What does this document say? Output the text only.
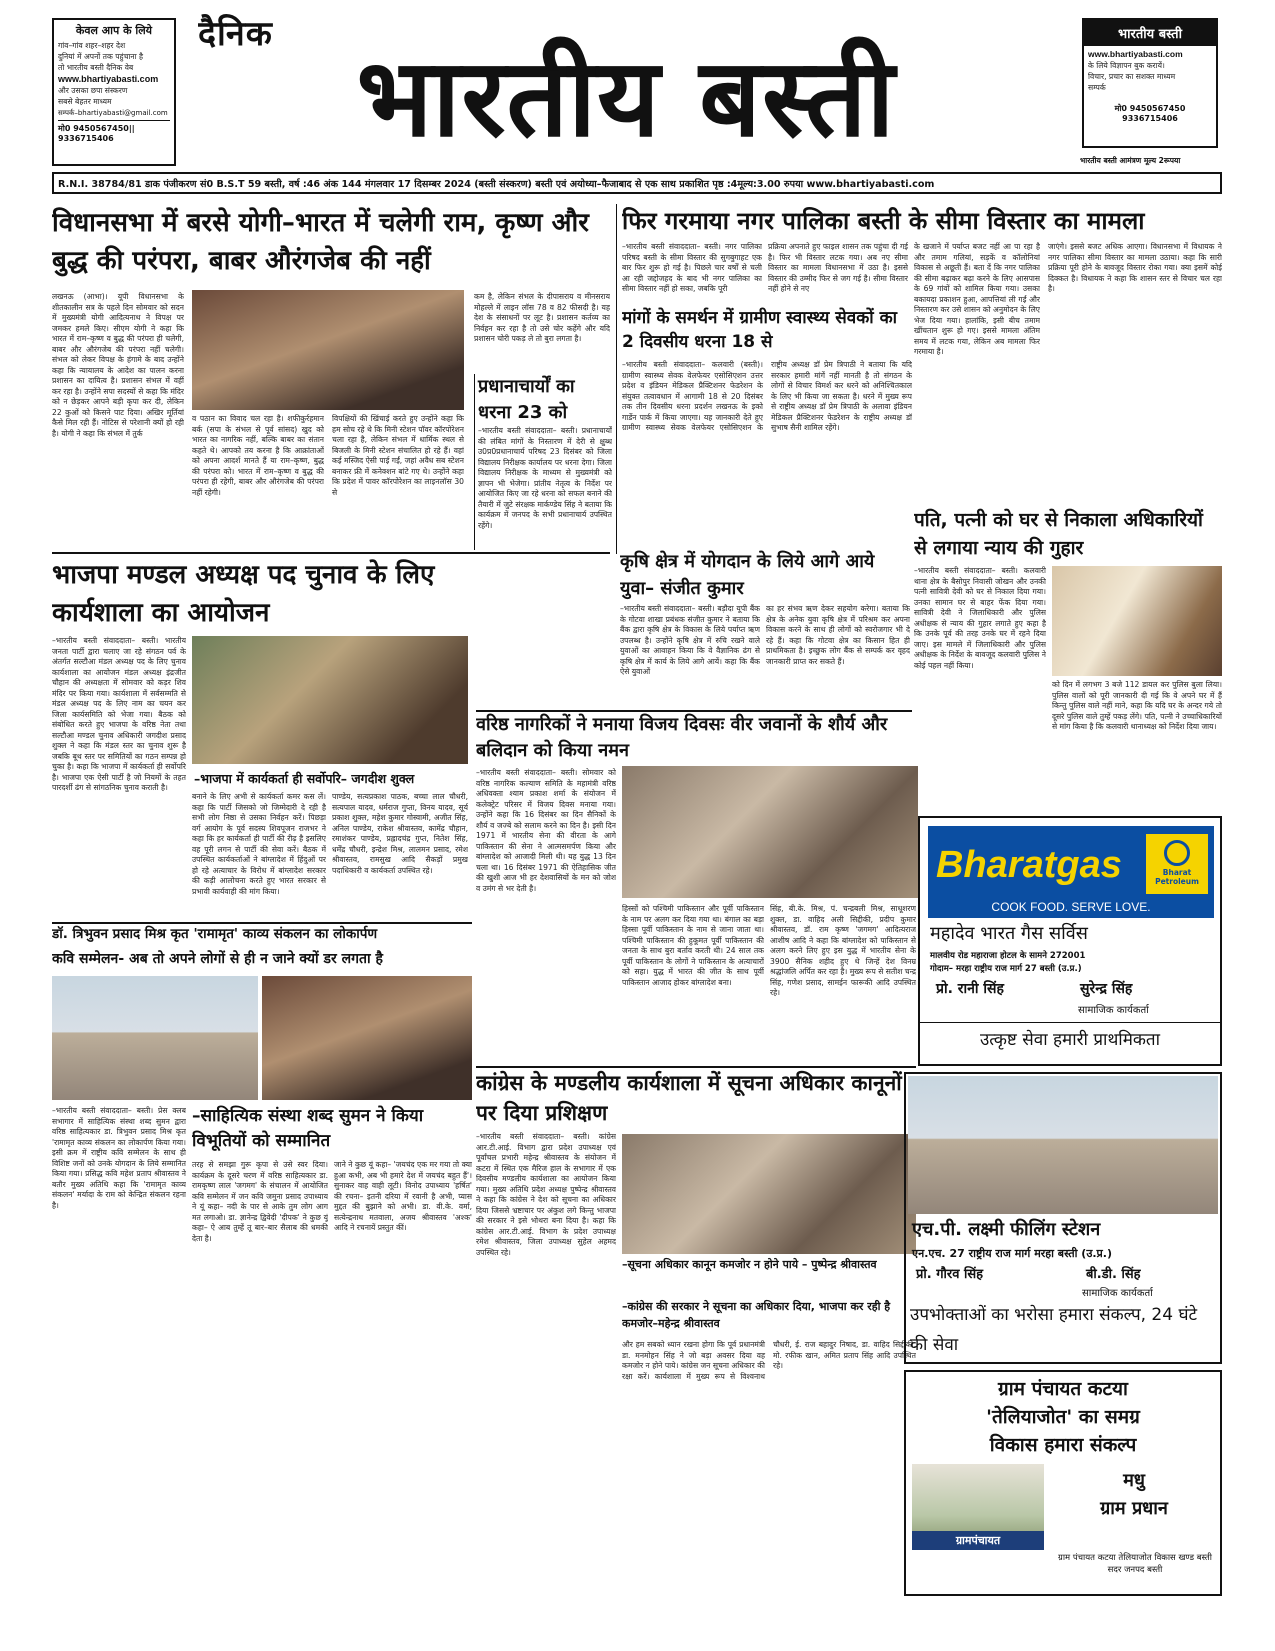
केवल आप के लिये
गांव–गांव शहर–शहर देश
दुनियां में अपनों तक पहुंचाना है
तो भारतीय बस्ती दैनिक वेब
www.bhartiyabasti.com
और उसका छपा संस्करण
सबसे बेहतर माध्यम
सम्पर्क–bhartiyabasti@gmail.com
मो0 9450567450|| 9336715406
दैनिक
भारतीय बस्ती
भारतीय बस्ती
www.bhartiyabasti.com
के लिये विज्ञापन बुक करायें।
विचार, प्रचार का सशक्त माध्यम
सम्पर्क
मो0 9450567450
9336715406
भारतीय बस्ती आमंत्रण मूल्य 2रूपया
R.N.I. 38784/81 डाक पंजीकरण सं0 B.S.T 59 बस्ती, वर्ष :46 अंक 144 मंगलवार 17 दिसम्बर 2024 (बस्ती संस्करण) बस्ती एवं अयोध्या–फैजाबाद से एक साथ प्रकाशित पृष्ठ :4मूल्य:3.00 रुपया www.bhartiyabasti.com
विधानसभा में बरसे योगी–भारत में चलेगी राम, कृष्ण और बुद्ध की परंपरा, बाबर औरंगजेब की नहीं
लखनऊ (आभा)। यूपी विधानसभा के शीतकालीन सत्र के पहले दिन सोमवार को सदन में मुख्यमंत्री योगी आदित्यनाथ ने विपक्ष पर जमकर हमले किए। सीएम योगी ने कहा कि भारत में राम–कृष्ण व बुद्ध की परंपरा ही चलेगी, बाबर और औरंगजेब की परंपरा नहीं चलेगी। संभल को लेकर विपक्ष के हंगामे के बाद उन्होंने कहा कि न्यायालय के आदेश का पालन करना प्रशासन का दायित्व है। प्रशासन संभल में वहीं कर रहा है। उन्होंने सपा सदस्यों से कहा कि मंदिर को न छेड़कर आपने बड़ी कृपा कर दी, लेकिन 22 कुओं को किसने पाट दिया। अखिर मूर्तियां कैसे मिल रही हैं। नोटिस से परेशानी क्यों हो रही है। योगी ने कहा कि संभल में तुर्क
व पठान का विवाद चल रहा है। शफीकुर्रहमान बर्क (सपा के संभल से पूर्व सांसद) खुद को भारत का नागरिक नहीं, बल्कि बाबर का संतान कहते थे। आपको तय करना है कि आक्रांताओं को अपना आदर्श मानते हैं या राम–कृष्ण, बुद्ध की परंपरा को। भारत में राम–कृष्ण व बुद्ध की परंपरा ही रहेगी, बाबर और औरंगजेब की परंपरा नहीं रहेगी।
विपक्षियों की खिंचाई करते हुए उन्होंने कहा कि हम सोच रहे थे कि मिनी स्टेशन पॉवर कॉरपोरेशन चला रहा है, लेकिन संभल में धार्मिक स्थल से बिजली के मिनी स्टेशन संचालित हो रहे हैं। वहां कई मस्जिद ऐसी पाई गईं, जहां अवैध सब स्टेशन बनाकर फ्री में कनेक्शन बांटे गए थे। उन्होंने कहा कि प्रदेश में पावर कॉरपोरेशन का लाइनलॉस 30 से
कम है, लेकिन संभल के दीपासराय व मीनसराय मोहल्ले में लाइन लॉस 78 व 82 फीसदी है। यह देश के संसाधनों पर लूट है। प्रशासन कर्तव्य का निर्वहन कर रहा है तो उसे चोर कहेंगे और यदि प्रशासन चोरी पकड़ ले तो बुरा लगता है।
फिर गरमाया नगर पालिका बस्ती के सीमा विस्तार का मामला
–भारतीय बस्ती संवाददाता– बस्ती। नगर पालिका परिषद बस्ती के सीमा विस्तार की सुगबुगाहट एक बार फिर शुरू हो गई है। पिछले चार वर्षों से चली आ रही जद्दोजहद के बाद भी नगर पालिका का सीमा विस्तार नहीं हो सका, जबकि पूरी
प्रक्रिया अपनाते हुए फाइल शासन तक पहुंचा दी गई है। फिर भी विस्तार लटक गया। अब नए सीमा विस्तार का मामला विधानसभा में उठा है। इससे विस्तार की उम्मीद फिर से जग गई है। सीमा विस्तार नहीं होने से नए
के खजाने में पर्याप्त बजट नहीं आ पा रहा है और तमाम गलियां, सड़कें व कॉलोनियां विकास से अछूती हैं। बता दें कि नगर पालिका की सीमा बढ़ाकर बढ़ा करने के लिए आसपास के 69 गांवों को शामिल किया गया। उसका बकायदा प्रकाशन हुआ, आपत्तियां ली गईं और निस्तारण कर उसे शासन को अनुमोदन के लिए भेज दिया गया। हालांकि, इसी बीच तमाम खींचतान शुरू हो गए। इससे मामला अंतिम समय में लटक गया, लेकिन अब मामला फिर गरमाया है।
जाएंगे। इससे बजट अधिक आएगा। विधानसभा में विधायक ने नगर पालिका सीमा विस्तार का मामला उठाया। कहा कि सारी प्रक्रिया पूरी होने के बावजूद विस्तार रोका गया। क्या इसमें कोई दिक्कत है। विधायक ने कहा कि शासन स्तर से विचार चल रहा है।
प्रधानाचार्यों का धरना 23 को
–भारतीय बस्ती संवाददाता– बस्ती। प्रधानाचार्यों की लंबित मांगों के निस्तारण में देरी से क्षुब्ध उ0प्र0प्रधानाचार्य परिषद 23 दिसंबर को जिला विद्यालय निरीक्षक कार्यालय पर धरना देगा। जिला विद्यालय निरीक्षक के माध्यम से मुख्यमंत्री को ज्ञापन भी भेजेगा। प्रांतीय नेतृत्व के निर्देश पर आयोजित किए जा रहे धरना को सफल बनाने की तैयारी में जुटे संरक्षक मार्कण्डेय सिंह ने बताया कि कार्यक्रम में जनपद के सभी प्रधानाचार्य उपस्थित रहेंगे।
मांगों के समर्थन में ग्रामीण स्वास्थ्य सेवकों का 2 दिवसीय धरना 18 से
–भारतीय बस्ती संवाददाता– कलवारी (बस्ती)। ग्रामीण स्वास्थ्य सेवक वेलफेयर एसोसिएशन उत्तर प्रदेश व इंडियन मेडिकल प्रैक्टिशनर फेडरेशन के संयुक्त तत्वावधान में आगामी 18 से 20 दिसंबर तक तीन दिवसीय धरना प्रदर्शन लखनऊ के इको गार्डेन पार्क में किया जाएगा। यह जानकारी देते हुए ग्रामीण स्वास्थ्य सेवक वेलफेयर एसोसिएशन के राष्ट्रीय अध्यक्ष डॉ प्रेम त्रिपाठी ने बताया कि यदि सरकार हमारी मांगें नहीं मानती है तो संगठन के लोगों से विचार विमर्श कर धरने को अनिश्चितकाल के लिए भी किया जा सकता है। धरने में मुख्य रूप से राष्ट्रीय अध्यक्ष डॉ प्रेम त्रिपाठी के अलावा इंडियन मेडिकल प्रैक्टिशनर फेडरेशन के राष्ट्रीय अध्यक्ष डॉ सुभाष सैनी शामिल रहेंगे।
पति, पत्नी को घर से निकाला अधिकारियों से लगाया न्याय की गुहार
–भारतीय बस्ती संवाददाता– बस्ती। कलवारी थाना क्षेत्र के बैसोपुर निवासी जोखन और उनकी पत्नी सावित्री देवी को घर से निकाल दिया गया। उनका सामान घर से बाहर फेंक दिया गया। सावित्री देवी ने जिलाधिकारी और पुलिस अधीक्षक से न्याय की गुहार लगाते हुए कहा है कि उनके पूर्व की तरह उनके घर में रहने दिया जाए। इस मामले में जिलाधिकारी और पुलिस अधीक्षक के निर्देश के बावजूद कलवारी पुलिस ने कोई पहल नहीं किया।
को दिन में लगभग 3 बजे 112 डायल कर पुलिस बुला लिया। पुलिस वालों को पूरी जानकारी दी गई कि वे अपने घर में हैं किन्तु पुलिस वाले नहीं माने, कहा कि यदि घर के अन्दर गये तो दूसरे पुलिस वाले तुम्हें पकड़ लेंगे। पति, पत्नी ने उच्चाधिकारियों से मांग किया है कि कलवारी थानाध्यक्ष को निर्देश दिया जाय।
भाजपा मण्डल अध्यक्ष पद चुनाव के लिए कार्यशाला का आयोजन
–भारतीय बस्ती संवाददाता– बस्ती। भारतीय जनता पार्टी द्वारा चलाए जा रहे संगठन पर्व के अंतर्गत सल्टौआ मंडल अध्यक्ष पद के लिए चुनाव कार्यशाला का आयोजन मंडल अध्यक्ष इंद्रजीत चौहान की अध्यक्षता में सोमवार को कड़र शिव मंदिर पर किया गया। कार्यशाला में सर्वसम्मति से मंडल अध्यक्ष पद के लिए नाम का चयन कर जिला कार्यसमिति को भेजा गया। बैठक को संबोधित करते हुए भाजपा के वरिष्ठ नेता तथा सल्टौआ मण्डल चुनाव अधिकारी जगदीश प्रसाद शुक्ल ने कहा कि मंडल स्तर का चुनाव शुरू है जबकि बूथ स्तर पर समितियों का गठन सम्पन्न हो चुका है। कहा कि भाजपा में कार्यकर्ता ही सर्वोपरि है। भाजपा एक ऐसी पार्टी है जो नियमों के तहत पारदर्शी ढंग से सांगठनिक चुनाव कराती है।
–भाजपा में कार्यकर्ता ही सर्वोपरि– जगदीश शुक्ल
बनाने के लिए अभी से कार्यकर्ता कमर कस लें। कहा कि पार्टी जिसको जो जिम्मेदारी दे रही है सभी लोग निष्ठा से उसका निर्वहन करें। पिछड़ा वर्ग आयोग के पूर्व सदस्य शिवपूजन राजभर ने कहा कि हर कार्यकर्ता ही पार्टी की रीढ़ है इसलिए वह पूरी लगन से पार्टी की सेवा करें। बैठक में उपस्थित कार्यकर्ताओं ने बांग्लादेश में हिंदुओं पर हो रहे अत्याचार के विरोध में बांग्लादेश सरकार की कड़ी आलोचना करते हुए भारत सरकार से प्रभावी कार्यवाही की मांग किया।
पाण्डेय, सत्यप्रकाश पाठक, बच्चा लाल चौधरी, सत्यपाल यादव, धर्मराज गुप्ता, विनय यादव, सूर्य प्रकाश शुक्ल, महेश कुमार गोस्वामी, अजीत सिंह, अनिल पाण्डेय, राकेश श्रीवास्तव, कामेंद्र चौहान, रमाशंकर पाण्डेय, प्रह्लादचंद्र गुप्त, नितेश सिंह, धर्मेंद्र चौधरी, इन्द्रेश मिश्र, लालमन प्रसाद, रमेश श्रीवास्तव, रामसुख आदि सैकड़ों प्रमुख पदाधिकारी व कार्यकर्ता उपस्थित रहे।
कृषि क्षेत्र में योगदान के लिये आगे आये युवा– संजीत कुमार
–भारतीय बस्ती संवाददाता– बस्ती। बड़ौदा यूपी बैंक के गोटवा शाखा प्रबंधक संजीत कुमार ने बताया कि बैंक द्वारा कृषि क्षेत्र के विकास के लिये पर्याप्त ऋण उपलब्ध है। उन्होंने कृषि क्षेत्र में रुचि रखने वाले युवाओं का आवाहन किया कि वे वैज्ञानिक ढंग से कृषि क्षेत्र में कार्य के लिये आगे आयें। कहा कि बैंक ऐसे युवाओं
का हर संभव ऋण देकर सहयोग करेगा। बताया कि क्षेत्र के अनेक युवा कृषि क्षेत्र में परिश्रम कर अपना विकास करने के साथ ही लोगों को स्वरोजगार भी दे रहे हैं। कहा कि गोटवा क्षेत्र का किसान हित ही प्राथमिकता है। इच्छुक लोग बैंक से सम्पर्क कर वृहद जानकारी प्राप्त कर सकते हैं।
वरिष्ठ नागरिकों ने मनाया विजय दिवसः वीर जवानों के शौर्य और बलिदान को किया नमन
–भारतीय बस्ती संवाददाता– बस्ती। सोमवार को वरिष्ठ नागरिक कल्याण समिति के महामंत्री वरिष्ठ अधिवक्ता श्याम प्रकाश शर्मा के संयोजन में कलेक्ट्रेट परिसर में विजय दिवस मनाया गया। उन्होंने कहा कि 16 दिसंबर का दिन सैनिकों के शौर्य व जज्बे को सलाम करने का दिन है। इसी दिन 1971 में भारतीय सेना की वीरता के आगे पाकिस्तान की सेना ने आत्मसमर्पण किया और बांग्लादेश को आजादी मिली थी। यह युद्ध 13 दिन चला था। 16 दिसंबर 1971 की ऐतिहासिक जीत की खुशी आज भी हर देशवासियों के मन को जोश व उमंग से भर देती है।
हिस्सों को पश्चिमी पाकिस्तान और पूर्वी पाकिस्तान के नाम पर अलग कर दिया गया था। बंगाल का बड़ा हिस्सा पूर्वी पाकिस्तान के नाम से जाना जाता था। पश्चिमी पाकिस्तान की हुकूमत पूर्वी पाकिस्तान की जनता के साथ बुरा बर्ताव करती थी। 24 साल तक पूर्वी पाकिस्तान के लोगों ने पाकिस्तान के अत्याचारों को सहा। युद्ध में भारत की जीत के साथ पूर्वी पाकिस्तान आजाद होकर बांग्लादेश बना।
सिंह, बी.के. मिश्र, पं. चन्द्रबली मिश्र, साधूशरण शुक्ल, डा. वाहिद अली सिद्दीकी, प्रदीप कुमार श्रीवास्तव, डॉ. राम कृष्ण 'जगमग' आदित्यराज आशीष आदि ने कहा कि बांग्लादेश को पाकिस्तान से अलग करने लिए हुए इस युद्ध में भारतीय सेना के 3900 सैनिक शहीद हुए थे जिन्हें देश विनम्र श्रद्धांजलि अर्पित कर रहा है। मुख्य रूप से सतीश चन्द्र सिंह, गणेश प्रसाद, सामईन फारूकी आदि उपस्थित रहे।
डॉ. त्रिभुवन प्रसाद मिश्र कृत 'रामामृत' काव्य संकलन का लोकार्पण
कवि सम्मेलन- अब तो अपने लोगों से ही न जाने क्यों डर लगता है
–भारतीय बस्ती संवाददाता– बस्ती। प्रेस क्लब सभागार में साहित्यिक संस्था शब्द सुमन द्वारा वरिष्ठ साहित्यकार डा. त्रिभुवन प्रसाद मिश्र कृत 'रामामृत काव्य संकलन का लोकार्पण किया गया। इसी क्रम में राष्ट्रीय कवि सम्मेलन के साथ ही विशिष्ट जनों को उनके योगदान के लिये सम्मानित किया गया। प्रसिद्ध कवि महेश प्रताप श्रीवास्तव ने बतौर मुख्य अतिथि कहा कि 'रामामृत काव्य संकलन' मर्यादा के राम को केन्द्रित संकलन रहना है।
–साहित्यिक संस्था शब्द सुमन ने किया विभूतियों को सम्मानित
तरह से समझा गुरू कृपा से उसे स्वर दिया। कार्यक्रम के दूसरे चरण में वरिष्ठ साहित्यकार डा. रामकृष्ण लाल 'जगमग' के संचालन में आयोजित कवि सम्मेलन में जन कवि जमुना प्रसाद उपाध्याय ने यूं कहा– नदी के पार से आके तुम लोग आग मत लगाओ। डा. ज्ञानेन्द्र द्विवेदी 'दीपक' ने कुछ यूं कहा– ऐ आब तुम्हें तू बार–बार सैलाब की धमकी देता है।
जाने ने कुछ यूं कहा– 'जयचंद एक मर गया तो क्या हुआ कभी, अब भी हमारे देश में जयचंद बहुत हैं'। सुनाकर वाह वाही लूटी। विनोद उपाध्याय 'हर्षित' की रचना– इतनी दरिया में रवानी है अभी, प्यास मुद्दत की बुझाने को अभी। डा. वी.के. वर्मा, सत्येन्द्रनाथ मतवाला, अजय श्रीवास्तव 'अश्क' आदि ने रचनायें प्रस्तुत कीं।
कांग्रेस के मण्डलीय कार्यशाला में सूचना अधिकार कानूनों पर दिया प्रशिक्षण
–भारतीय बस्ती संवाददाता– बस्ती। कांग्रेस आर.टी.आई. विभाग द्वारा प्रदेश उपाध्यक्ष एवं पूर्वांचल प्रभारी महेन्द्र श्रीवास्तव के संयोजन में कटरा में स्थित एक मैरिज हाल के सभागार में एक दिवसीय मण्डलीय कार्यशाला का आयोजन किया गया। मुख्य अतिथि प्रदेश अध्यक्ष पुष्पेन्द्र श्रीवास्तव ने कहा कि कांग्रेस ने देश को सूचना का अधिकार दिया जिससे भ्रष्टाचार पर अंकुश लगे किन्तु भाजपा की सरकार ने इसे भोथरा बना दिया है। कहा कि कांग्रेस आर.टी.आई. विभाग के प्रदेश उपाध्यक्ष रमेश श्रीवास्तव, जिला उपाध्यक्ष सुहेल अहमद उपस्थित रहे।
–सूचना अधिकार कानून कमजोर न होने पाये – पुष्पेन्द्र श्रीवास्तव
–कांग्रेस की सरकार ने सूचना का अधिकार दिया, भाजपा कर रही है कमजोर–महेन्द्र श्रीवास्तव
और हम सबको ध्यान रखना होगा कि पूर्व प्रधानमंत्री डा. मनमोहन सिंह ने जो बड़ा अवसर दिया वह कमजोर न होने पाये। कांग्रेस जन सूचना अधिकार की रक्षा करें। कार्यशाला में मुख्य रूप से विश्वनाथ चौधरी, ई. राज बहादुर निषाद, डा. वाहिद सिद्दीकी, मो. रफीक खान, अमित प्रताप सिंह आदि उपस्थित रहे।
Bharatgas	Bharat Petroleum
COOK FOOD. SERVE LOVE.
महादेव भारत गैस सर्विस
मालवीय रोड महाराजा होटल के सामने 272001
गोदाम– मरहा राष्ट्रीय राज मार्ग 27 बस्ती (उ.प्र.)
प्रो. रानी सिंह	सुरेन्द्र सिंह
सामाजिक कार्यकर्ता
उत्कृष्ट सेवा हमारी प्राथमिकता
एच.पी. लक्ष्मी फीलिंग स्टेशन
एन.एच. 27 राष्ट्रीय राज मार्ग मरहा बस्ती (उ.प्र.)
प्रो. गौरव सिंह	बी.डी. सिंह
सामाजिक कार्यकर्ता
उपभोक्ताओं का भरोसा हमारा संकल्प, 24 घंटे की सेवा
ग्राम पंचायत कटया
'तेलियाजोत' का समग्र
विकास हमारा संकल्प
ग्रामपंचायत
मधु
ग्राम प्रधान
ग्राम पंचायत कटया तेलियाजोत विकास खण्ड बस्ती सदर जनपद बस्ती
